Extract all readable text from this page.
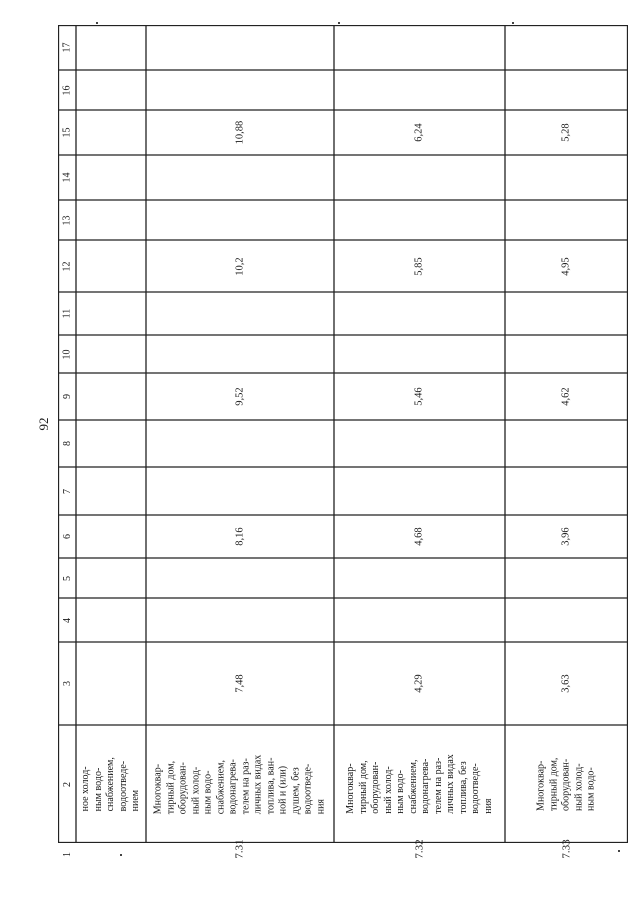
92
1
2
3
4
5
6
7
8
9
10
11
12
13
14
15
16
17
ное холод-
ным водо-
снабжением,
водоотведе-
нием
7.31
Многоквар-
тирный дом,
оборудован-
ный холод-
ным водо-
снабжением,
водонагрева-
телем на раз-
личных видах
топлива, ван-
ной и (или)
душем, без
водоотведе-
ния
7,48
8,16
9,52
10,2
10,88
7.32
Многоквар-
тирный дом,
оборудован-
ный холод-
ным водо-
снабжением,
водонагрева-
телем на раз-
личных видах
топлива, без
водоотведе-
ния
4,29
4,68
5,46
5,85
6,24
7.33
Многоквар-
тирный дом,
оборудован-
ный холод-
ным водо-
3,63
3,96
4,62
4,95
5,28
